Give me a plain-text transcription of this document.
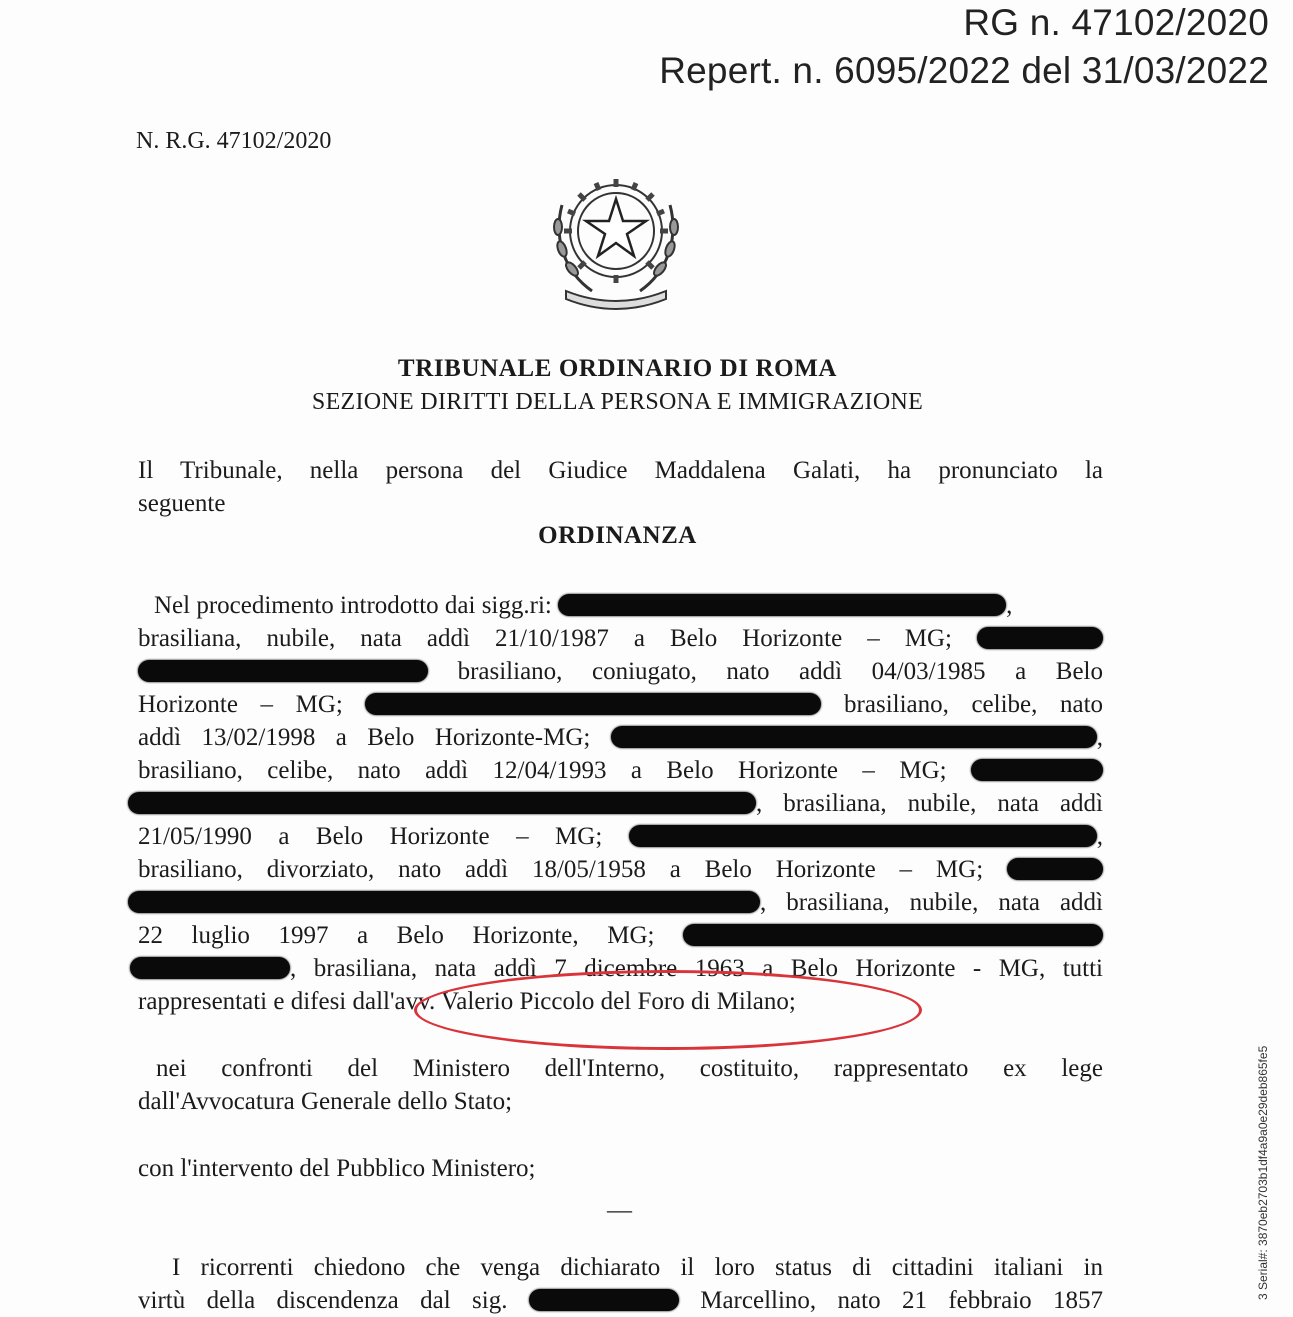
RG n. 47102/2020
Repert. n. 6095/2022 del 31/03/2022
N. R.G. 47102/2020
TRIBUNALE ORDINARIO DI ROMA
SEZIONE DIRITTI DELLA PERSONA E IMMIGRAZIONE
Il Tribunale, nella persona del Giudice Maddalena Galati, ha pronunciato la
seguente
ORDINANZA
Nel procedimento introdotto dai sigg.ri:	,
brasiliana, nubile, nata addì 21/10/1987 a Belo Horizonte – MG;
brasiliano, coniugato, nato addì 04/03/1985 a Belo
Horizonte – MG;	brasiliano, celibe, nato
addì 13/02/1998 a Belo Horizonte-MG;	,
brasiliano, celibe, nato addì 12/04/1993 a Belo Horizonte – MG;
, brasiliana, nubile, nata addì
21/05/1990 a Belo Horizonte – MG;	,
brasiliano, divorziato, nato addì 18/05/1958 a Belo Horizonte – MG;
, brasiliana, nubile, nata addì
22 luglio 1997 a Belo Horizonte, MG;
, brasiliana, nata addì 7 dicembre 1963 a Belo Horizonte - MG, tutti
rappresentati e difesi dall'avv. Valerio Piccolo del Foro di Milano;
nei confronti del Ministero dell'Interno, costituito, rappresentato ex lege
dall'Avvocatura Generale dello Stato;
con l'intervento del Pubblico Ministero;
—
I ricorrenti chiedono che venga dichiarato il loro status di cittadini italiani in
virtù della discendenza dal sig.	Marcellino, nato 21 febbraio 1857
3 Serial#: 3870eb2703b1df4a9a0e29deb865fe5
